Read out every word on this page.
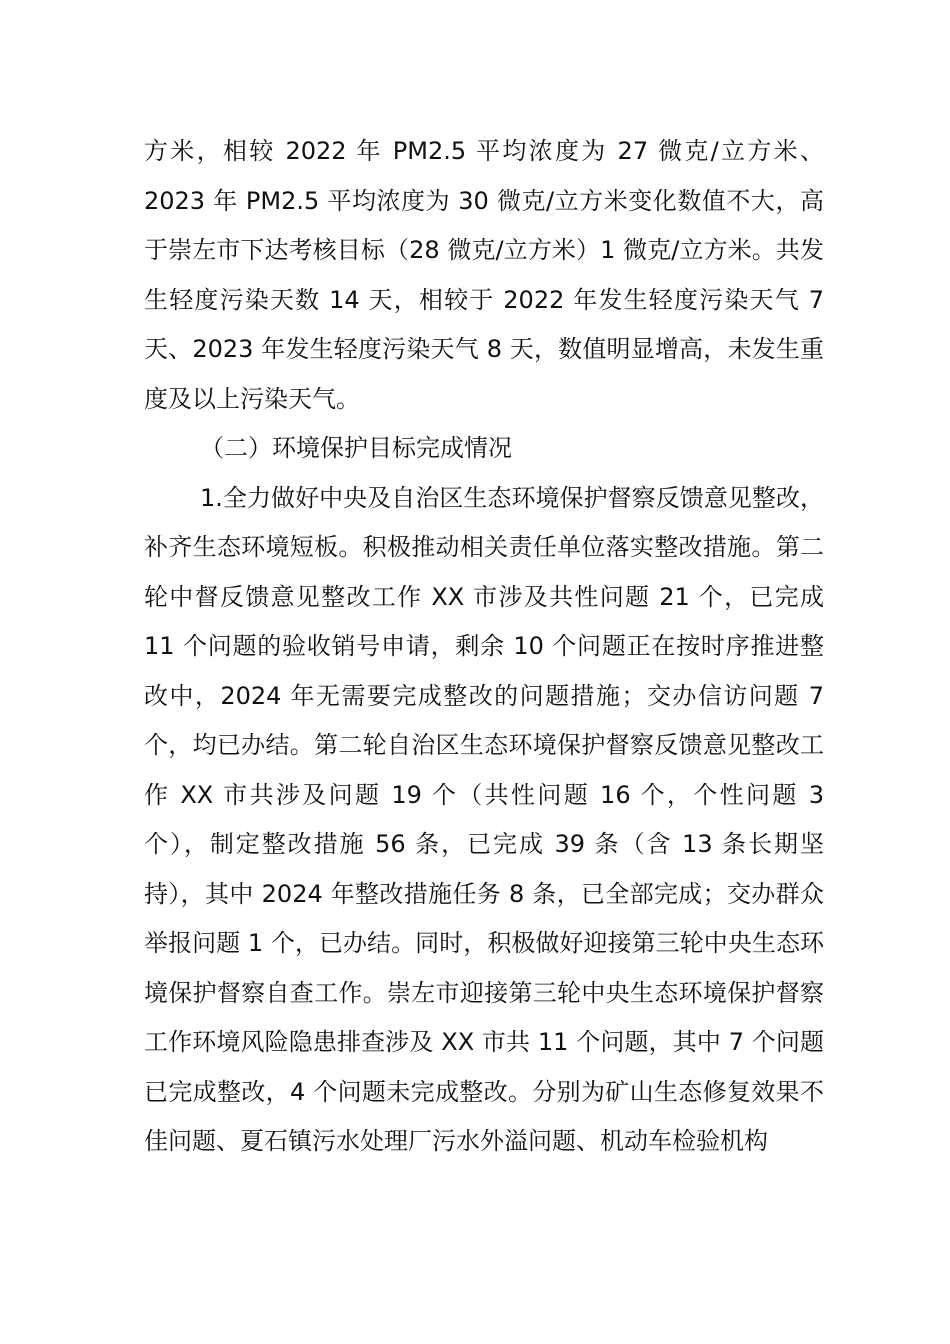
方米，相较 2022 年 PM2.5 平均浓度为 27 微克/立方米、2023 年 PM2.5 平均浓度为 30 微克/立方米变化数值不大，高于崇左市下达考核目标（28 微克/立方米）1 微克/立方米。共发生轻度污染天数 14 天，相较于 2022 年发生轻度污染天气 7 天、2023 年发生轻度污染天气 8 天，数值明显增高，未发生重度及以上污染天气。

（二）环境保护目标完成情况

1.全力做好中央及自治区生态环境保护督察反馈意见整改，补齐生态环境短板。积极推动相关责任单位落实整改措施。第二轮中督反馈意见整改工作 XX 市涉及共性问题 21 个，已完成 11 个问题的验收销号申请，剩余 10 个问题正在按时序推进整改中，2024 年无需要完成整改的问题措施；交办信访问题 7 个，均已办结。第二轮自治区生态环境保护督察反馈意见整改工作 XX 市共涉及问题 19 个（共性问题 16 个，个性问题 3 个），制定整改措施 56 条，已完成 39 条（含 13 条长期坚持），其中 2024 年整改措施任务 8 条，已全部完成；交办群众举报问题 1 个，已办结。同时，积极做好迎接第三轮中央生态环境保护督察自查工作。崇左市迎接第三轮中央生态环境保护督察工作环境风险隐患排查涉及 XX 市共 11 个问题，其中 7 个问题已完成整改，4 个问题未完成整改。分别为矿山生态修复效果不佳问题、夏石镇污水处理厂污水外溢问题、机动车检验机构
